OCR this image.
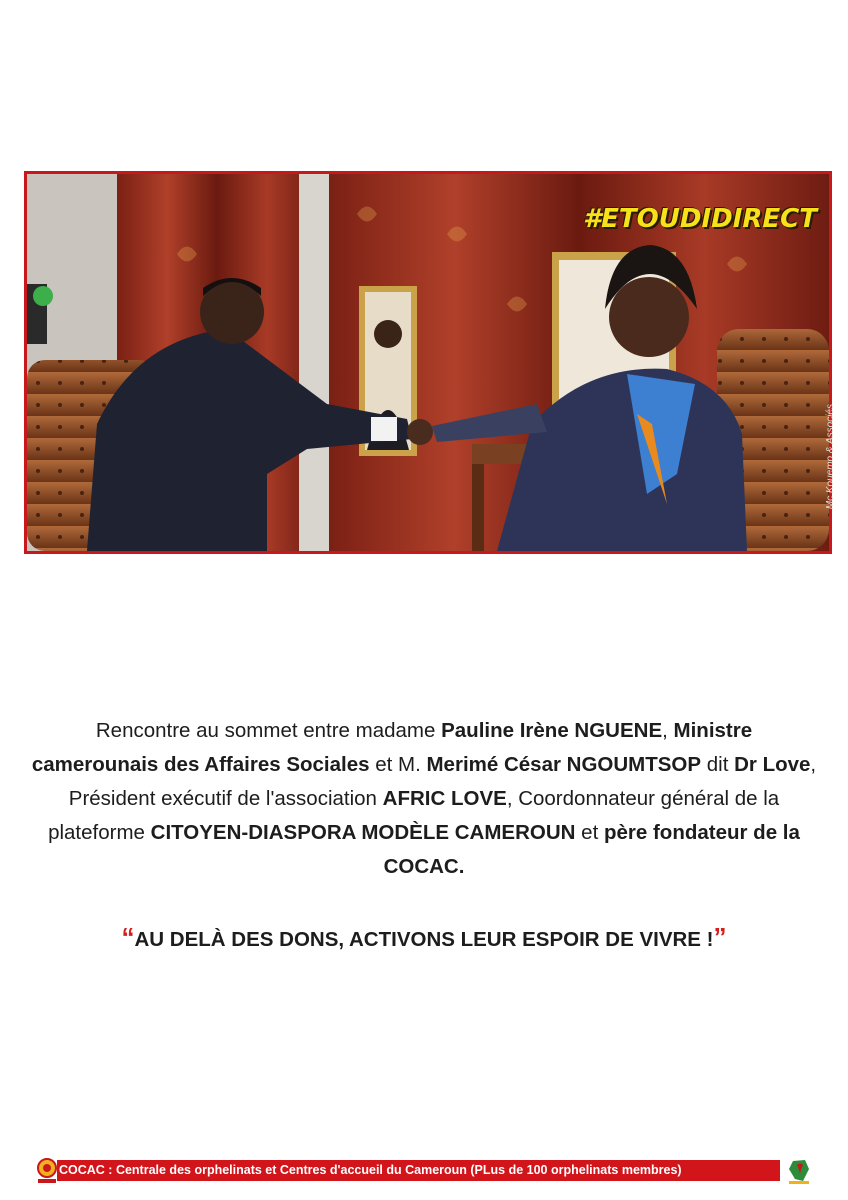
#ETOUDIDIRECT
Mc Kouemo & Associés
Rencontre au sommet entre madame Pauline Irène NGUENE, Ministre camerounais des Affaires Sociales et M. Merimé César NGOUMTSOP dit Dr Love, Président exécutif de l'association AFRIC LOVE, Coordonnateur général de la plateforme CITOYEN-DIASPORA MODÈLE CAMEROUN et père fondateur de la COCAC.
“AU DELÀ DES DONS, ACTIVONS LEUR ESPOIR DE VIVRE !”
COCAC : Centrale des orphelinats et Centres d'accueil du Cameroun (PLus de 100 orphelinats membres)
